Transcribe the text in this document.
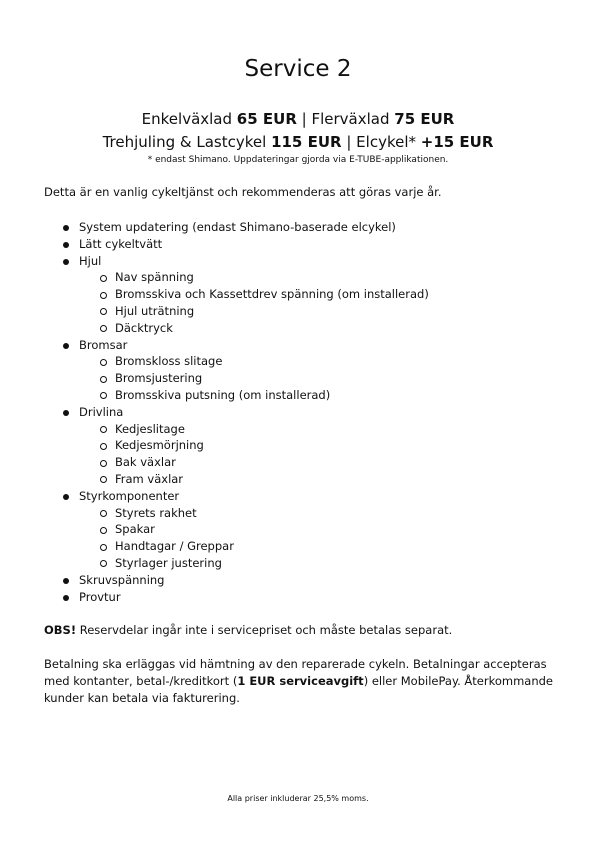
Service 2

Enkelväxlad 65 EUR | Flerväxlad 75 EUR

Trehjuling & Lastcykel 115 EUR | Elcykel* +15 EUR

* endast Shimano. Uppdateringar gjorda via E-TUBE-applikationen.

Detta är en vanlig cykeltjänst och rekommenderas att göras varje år.

System updatering (endast Shimano-baserade elcykel)
Lätt cykeltvätt
Hjul
Nav spänning
Bromsskiva och Kassettdrev spänning (om installerad)
Hjul uträtning
Däcktryck
Bromsar
Bromskloss slitage
Bromsjustering
Bromsskiva putsning (om installerad)
Drivlina
Kedjeslitage
Kedjesmörjning
Bak växlar
Fram växlar
Styrkomponenter
Styrets rakhet
Spakar
Handtagar / Greppar
Styrlager justering
Skruvspänning
Provtur

OBS! Reservdelar ingår inte i servicepriset och måste betalas separat.

Betalning ska erläggas vid hämtning av den reparerade cykeln. Betalningar accepteras med kontanter, betal-/kreditkort (1 EUR serviceavgift) eller MobilePay. Återkommande kunder kan betala via fakturering.

Alla priser inkluderar 25,5% moms.
